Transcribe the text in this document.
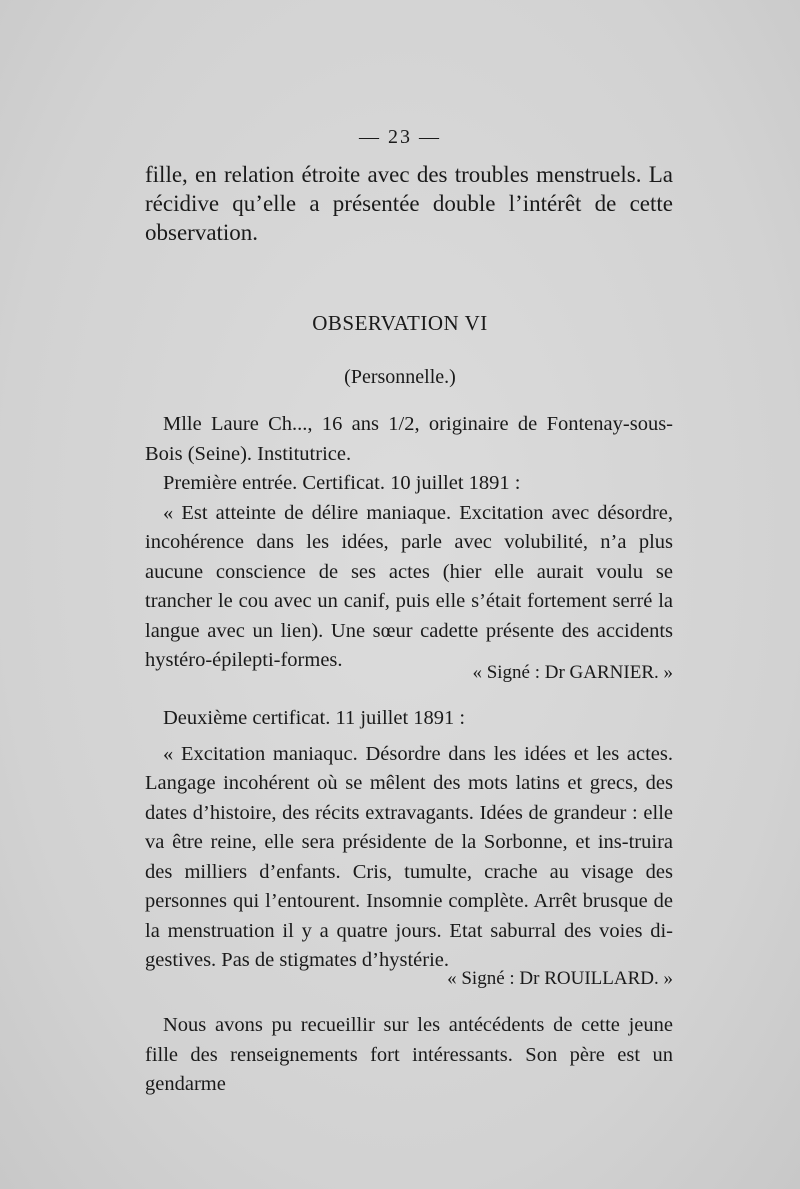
— 23 —

fille, en relation étroite avec des troubles menstruels. La récidive qu’elle a présentée double l’intérêt de cette observation.

OBSERVATION VI
(Personnelle.)

Mlle Laure Ch..., 16 ans 1/2, originaire de Fontenay-sous-Bois (Seine). Institutrice.

Première entrée. Certificat. 10 juillet 1891 :

« Est atteinte de délire maniaque. Excitation avec désordre, incohérence dans les idées, parle avec volubilité, n’a plus aucune conscience de ses actes (hier elle aurait voulu se trancher le cou avec un canif, puis elle s’était fortement serré la langue avec un lien). Une sœur cadette présente des accidents hystéro-épilepti-formes.

« Signé : Dr GARNIER. »

Deuxième certificat. 11 juillet 1891 :

« Excitation maniaquc. Désordre dans les idées et les actes. Langage incohérent où se mêlent des mots latins et grecs, des dates d’histoire, des récits extravagants. Idées de grandeur : elle va être reine, elle sera présidente de la Sorbonne, et ins-truira des milliers d’enfants. Cris, tumulte, crache au visage des personnes qui l’entourent. Insomnie complète. Arrêt brusque de la menstruation il y a quatre jours. Etat saburral des voies di-gestives. Pas de stigmates d’hystérie.

« Signé : Dr ROUILLARD. »

Nous avons pu recueillir sur les antécédents de cette jeune fille des renseignements fort intéressants. Son père est un gendarme
